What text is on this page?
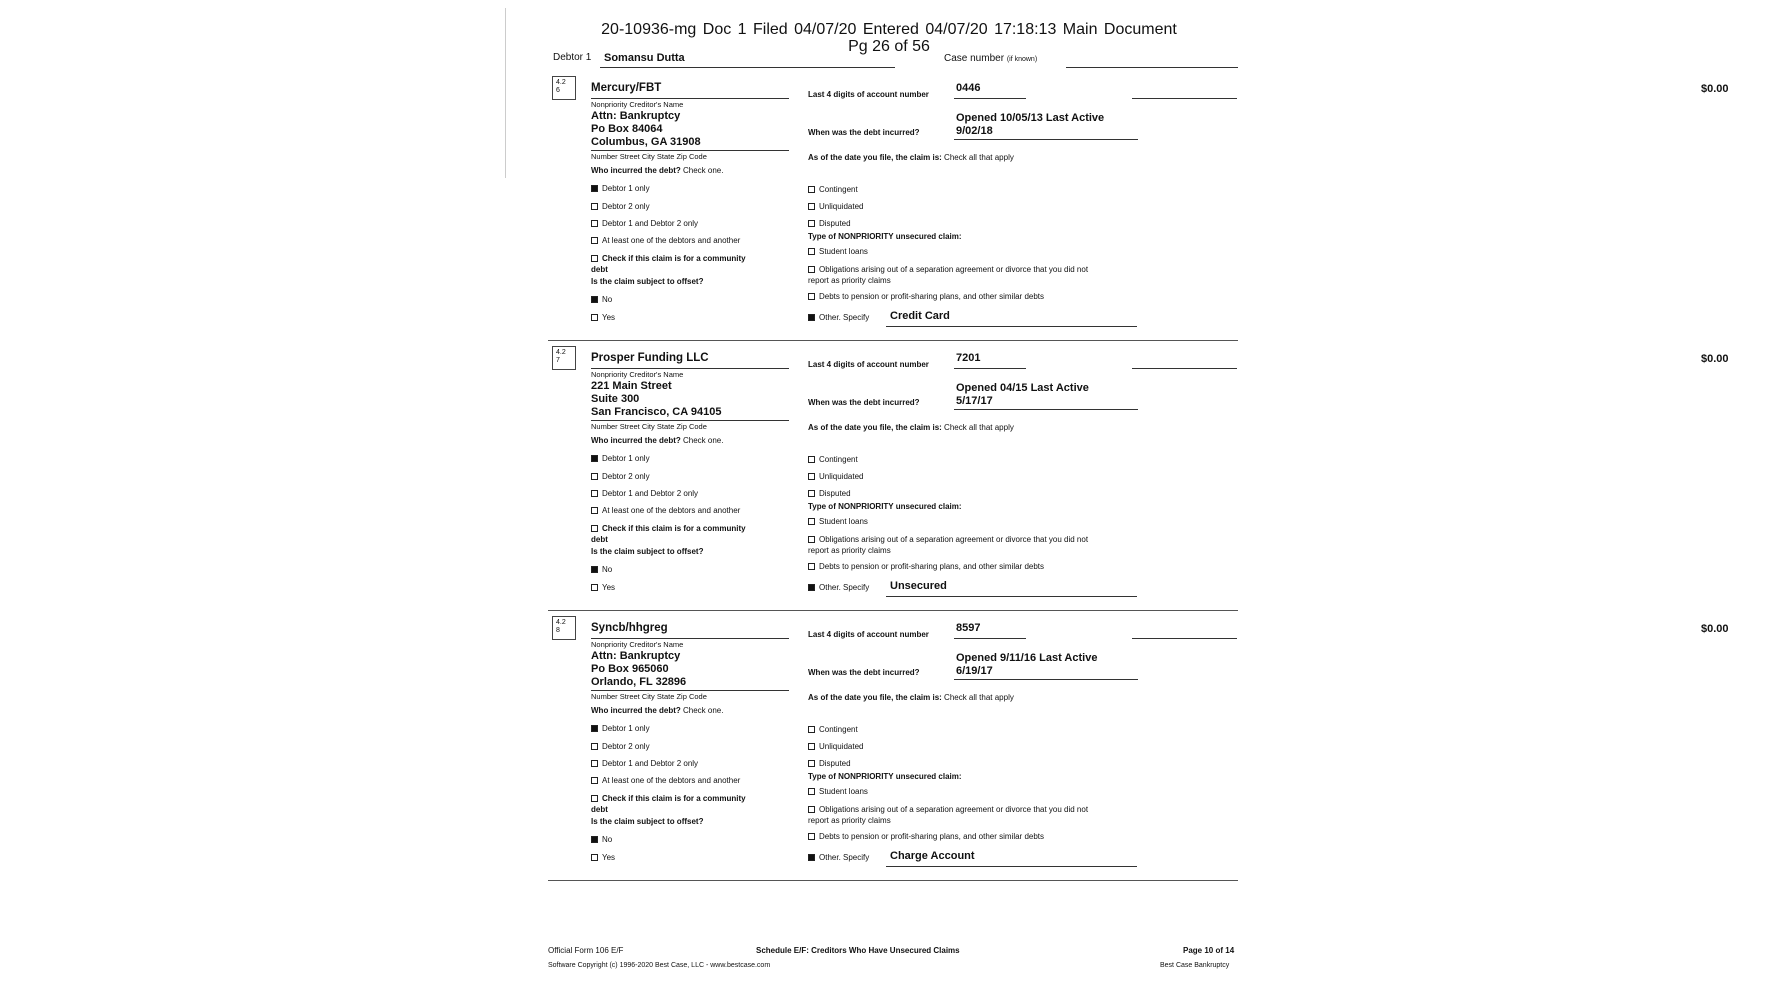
20-10936-mg Doc 1 Filed 04/07/20 Entered 04/07/20 17:18:13 Main Document
Pg 26 of 56
Debtor 1 Somansu Dutta	Case number (if known)
4.2
6	Mercury/FBT
Nonpriority Creditor's Name
Attn: Bankruptcy
Po Box 84064
Columbus, GA 31908
Number Street City State Zip Code
Who incurred the debt? Check one.
Debtor 1 only
Debtor 2 only
Debtor 1 and Debtor 2 only
At least one of the debtors and another
Check if this claim is for a community
debt
Is the claim subject to offset?
No
Yes
Last 4 digits of account number
0446	$0.00
Opened 10/05/13 Last Active
9/02/18
When was the debt incurred?
As of the date you file, the claim is: Check all that apply
Contingent
Unliquidated
Disputed
Type of NONPRIORITY unsecured claim:
Student loans
Obligations arising out of a separation agreement or divorce that you did not
report as priority claims
Debts to pension or profit-sharing plans, and other similar debts
Other. Specify Credit Card
4.2
7	Prosper Funding LLC
Nonpriority Creditor's Name
221 Main Street
Suite 300
San Francisco, CA 94105
Number Street City State Zip Code
Who incurred the debt? Check one.
Debtor 1 only
Debtor 2 only
Debtor 1 and Debtor 2 only
At least one of the debtors and another
Check if this claim is for a community
debt
Is the claim subject to offset?
No
Yes
Last 4 digits of account number
7201	$0.00
Opened 04/15 Last Active
5/17/17
When was the debt incurred?
As of the date you file, the claim is: Check all that apply
Contingent
Unliquidated
Disputed
Type of NONPRIORITY unsecured claim:
Student loans
Obligations arising out of a separation agreement or divorce that you did not
report as priority claims
Debts to pension or profit-sharing plans, and other similar debts
Other. Specify Unsecured
4.2
8	Syncb/hhgreg
Nonpriority Creditor's Name
Attn: Bankruptcy
Po Box 965060
Orlando, FL 32896
Number Street City State Zip Code
Who incurred the debt? Check one.
Debtor 1 only
Debtor 2 only
Debtor 1 and Debtor 2 only
At least one of the debtors and another
Check if this claim is for a community
debt
Is the claim subject to offset?
No
Yes
Last 4 digits of account number
8597	$0.00
Opened 9/11/16 Last Active
6/19/17
When was the debt incurred?
As of the date you file, the claim is: Check all that apply
Contingent
Unliquidated
Disputed
Type of NONPRIORITY unsecured claim:
Student loans
Obligations arising out of a separation agreement or divorce that you did not
report as priority claims
Debts to pension or profit-sharing plans, and other similar debts
Other. Specify Charge Account
Official Form 106 E/F	Schedule E/F: Creditors Who Have Unsecured Claims	Page 10 of 14
Software Copyright (c) 1996-2020 Best Case, LLC - www.bestcase.com	Best Case Bankruptcy
